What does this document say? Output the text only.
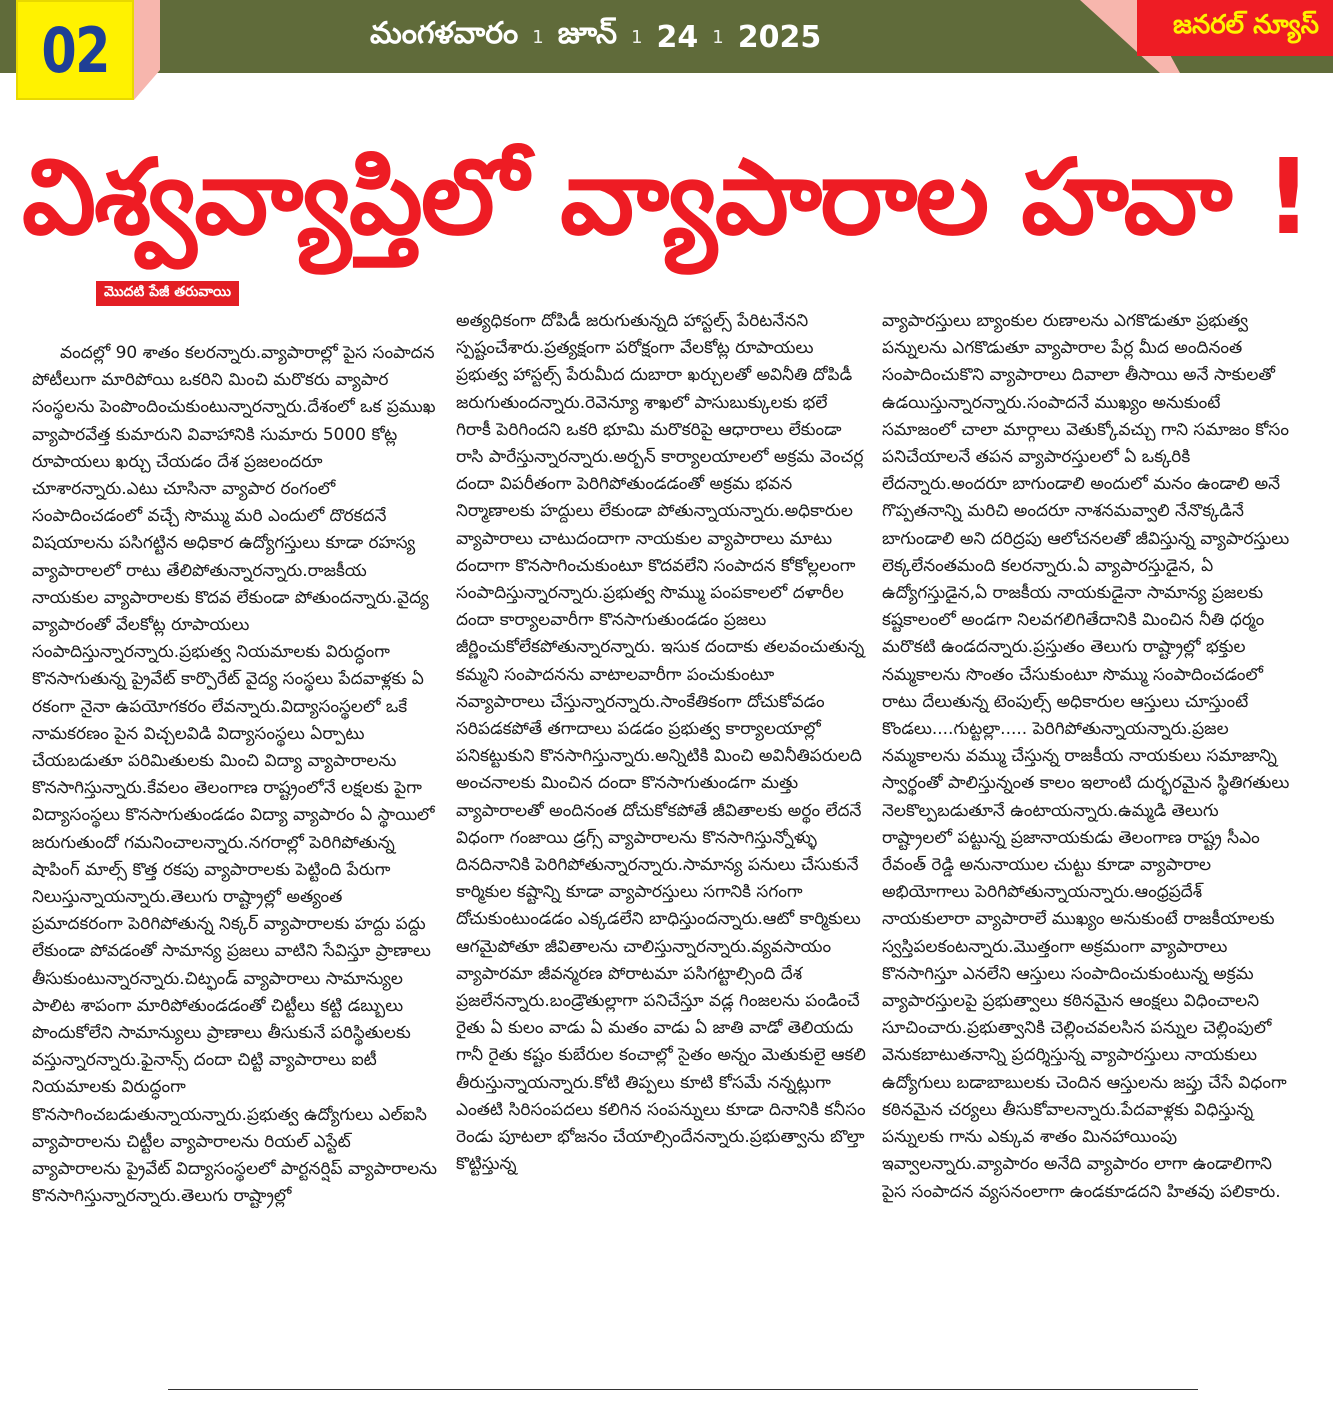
02	మంగళవారం 1 జూన్ 1 24 1 2025	జనరల్ న్యూస్
విశ్వవ్యాప్తిలో వ్యాపారాల హవా !
మొదటి పేజీ తరువాయి
వందల్లో 90 శాతం కలరన్నారు.వ్యాపారాల్లో పైస సంపాదన పోటీలుగా మారిపోయి ఒకరిని మించి మరొకరు వ్యాపార సంస్థలను పెంపొందించుకుంటున్నారన్నారు.దేశంలో ఒక ప్రముఖ వ్యాపారవేత్త కుమారుని వివాహానికి సుమారు 5000 కోట్ల రూపాయలు ఖర్చు చేయడం దేశ ప్రజలందరూ చూశారన్నారు.ఎటు చూసినా వ్యాపార రంగంలో సంపాదించడంలో వచ్చే సొమ్ము మరి ఎందులో దొరకదనే విషయాలను పసిగట్టిన అధికార ఉద్యోగస్తులు కూడా రహస్య వ్యాపారాలలో రాటు తేలిపోతున్నారన్నారు.రాజకీయ నాయకుల వ్యాపారాలకు కొదవ లేకుండా పోతుందన్నారు.వైద్య వ్యాపారంతో వేలకోట్ల రూపాయలు సంపాదిస్తున్నారన్నారు.ప్రభుత్వ నియమాలకు విరుద్ధంగా కొనసాగుతున్న ప్రైవేట్ కార్పొరేట్ వైద్య సంస్థలు పేదవాళ్లకు ఏ రకంగా నైనా ఉపయోగకరం లేవన్నారు.విద్యాసంస్థలలో ఒకే నామకరణం పైన విచ్చలవిడి విద్యాసంస్థలు ఏర్పాటు చేయబడుతూ పరిమితులకు మించి విద్యా వ్యాపారాలను కొనసాగిస్తున్నారు.కేవలం తెలంగాణ రాష్ట్రంలోనే లక్షలకు పైగా విద్యాసంస్థలు కొనసాగుతుండడం విద్యా వ్యాపారం ఏ స్థాయిలో జరుగుతుందో గమనించాలన్నారు.నగరాల్లో పెరిగిపోతున్న షాపింగ్ మాల్స్ కొత్త రకపు వ్యాపారాలకు పెట్టింది పేరుగా నిలుస్తున్నాయన్నారు.తెలుగు రాష్ట్రాల్లో అత్యంత ప్రమాదకరంగా పెరిగిపోతున్న నిక్కర్ వ్యాపారాలకు హద్దు పద్దు లేకుండా పోవడంతో సామాన్య ప్రజలు వాటిని సేవిస్తూ ప్రాణాలు తీసుకుంటున్నారన్నారు.చిట్ఫండ్ వ్యాపారాలు సామాన్యుల పాలిట శాపంగా మారిపోతుండడంతో చిట్టీలు కట్టి డబ్బులు పొందుకోలేని సామాన్యులు ప్రాణాలు తీసుకునే పరిస్థితులకు వస్తున్నారన్నారు.ఫైనాన్స్ దందా చిట్టి వ్యాపారాలు ఐటీ నియమాలకు విరుద్ధంగా కొనసాగించబడుతున్నాయన్నారు.ప్రభుత్వ ఉద్యోగులు ఎల్ఐసి వ్యాపారాలను చిట్టీల వ్యాపారాలను రియల్ ఎస్టేట్ వ్యాపారాలను ప్రైవేట్ విద్యాసంస్థలలో పార్టనర్షిప్ వ్యాపారాలను కొనసాగిస్తున్నారన్నారు.తెలుగు రాష్ట్రాల్లో
అత్యధికంగా దోపిడీ జరుగుతున్నది హాస్టల్స్ పేరిటనేనని స్పష్టంచేశారు.ప్రత్యక్షంగా పరోక్షంగా వేలకోట్ల రూపాయలు ప్రభుత్వ హాస్టల్స్ పేరుమీద దుబారా ఖర్చులతో అవినీతి దోపిడీ జరుగుతుందన్నారు.రెవెన్యూ శాఖలో పాసుబుక్కులకు భలే గిరాకీ పెరిగిందని ఒకరి భూమి మరొకరిపై ఆధారాలు లేకుండా రాసి పారేస్తున్నారన్నారు.అర్బన్ కార్యాలయాలలో అక్రమ వెంచర్ల దందా విపరీతంగా పెరిగిపోతుండడంతో అక్రమ భవన నిర్మాణాలకు హద్దులు లేకుండా పోతున్నాయన్నారు.అధికారుల వ్యాపారాలు చాటుదందాగా నాయకుల వ్యాపారాలు మాటు దందాగా కొనసాగించుకుంటూ కొదవలేని సంపాదన కోకోల్లలంగా సంపాదిస్తున్నారన్నారు.ప్రభుత్వ సొమ్ము పంపకాలలో దళారీల దందా కార్యాలవారీగా కొనసాగుతుండడం ప్రజలు జీర్ణించుకోలేకపోతున్నారన్నారు. ఇసుక దందాకు తలవంచుతున్న కమ్మని సంపాదనను వాటాలవారీగా పంచుకుంటూ నవ్యాపారాలు చేస్తున్నారన్నారు.సాంకేతికంగా దోచుకోవడం సరిపడకపోతే తగాదాలు పడడం ప్రభుత్వ కార్యాలయాల్లో పనికట్టుకుని కొనసాగిస్తున్నారు.అన్నిటికి మించి అవినీతిపరులది అంచనాలకు మించిన దందా కొనసాగుతుండగా మత్తు వ్యాపారాలతో అందినంత దోచుకోకపోతే జీవితాలకు అర్థం లేదనే విధంగా గంజాయి డ్రగ్స్ వ్యాపారాలను కొనసాగిస్తున్నోళ్ళు దినదినానికి పెరిగిపోతున్నారన్నారు.సామాన్య పనులు చేసుకునే కార్మికుల కష్టాన్ని కూడా వ్యాపారస్తులు సగానికి సగంగా దోచుకుంటుండడం ఎక్కడలేని బాధిస్తుందన్నారు.ఆటో కార్మికులు ఆగమైపోతూ జీవితాలను చాలిస్తున్నారన్నారు.వ్యవసాయం వ్యాపారమా జీవన్మరణ పోరాటమా పసిగట్టాల్సింది దేశ ప్రజలేనన్నారు.బండ్రౌతుల్లాగా పనిచేస్తూ వడ్ల గింజలను పండించే రైతు ఏ కులం వాడు ఏ మతం వాడు ఏ జాతి వాడో తెలియదు గానీ రైతు కష్టం కుబేరుల కంచాల్లో సైతం అన్నం మెతుకులై ఆకలి తీరుస్తున్నాయన్నారు.కోటి తిప్పలు కూటి కోసమే నన్నట్లుగా ఎంతటి సిరిసంపదలు కలిగిన సంపన్నులు కూడా దినానికి కనీసం రెండు పూటలా భోజనం చేయాల్సిందేనన్నారు.ప్రభుత్వాను బొల్తా కొట్టిస్తున్న
వ్యాపారస్తులు బ్యాంకుల రుణాలను ఎగకొడుతూ ప్రభుత్వ పన్నులను ఎగకొడుతూ వ్యాపారాల పేర్ల మీద అందినంత సంపాదించుకొని వ్యాపారాలు దివాలా తీసాయి అనే సాకులతో ఉడయిస్తున్నారన్నారు.సంపాదనే ముఖ్యం అనుకుంటే సమాజంలో చాలా మార్గాలు వెతుక్కోవచ్చు గాని సమాజం కోసం పనిచేయాలనే తపన వ్యాపారస్తులలో ఏ ఒక్కరికి లేదన్నారు.అందరూ బాగుండాలి అందులో మనం ఉండాలి అనే గొప్పతనాన్ని మరిచి అందరూ నాశనమవ్వాలి నేనొక్కడినే బాగుండాలి అని దరిద్రపు ఆలోచనలతో జీవిస్తున్న వ్యాపారస్తులు లెక్కలేనంతమంది కలరన్నారు.ఏ వ్యాపారస్తుడైన, ఏ ఉద్యోగస్తుడైన,ఏ రాజకీయ నాయకుడైనా సామాన్య ప్రజలకు కష్టకాలంలో అండగా నిలవగలిగితేదానికి మించిన నీతి ధర్మం మరొకటి ఉండదన్నారు.ప్రస్తుతం తెలుగు రాష్ట్రాల్లో భక్తుల నమ్మకాలను సొంతం చేసుకుంటూ సొమ్ము సంపాదించడంలో రాటు దేలుతున్న టెంపుల్స్ అధికారుల ఆస్తులు చూస్తుంటే కొండలు....గుట్టల్లా..... పెరిగిపోతున్నాయన్నారు.ప్రజల నమ్మకాలను వమ్ము చేస్తున్న రాజకీయ నాయకులు సమాజాన్ని స్వార్థంతో పాలిస్తున్నంత కాలం ఇలాంటి దుర్భరమైన స్థితిగతులు నెలకొల్పబడుతూనే ఉంటాయన్నారు.ఉమ్మడి తెలుగు రాష్ట్రాలలో పట్టున్న ప్రజానాయకుడు తెలంగాణ రాష్ట్ర సీఎం రేవంత్ రెడ్డి అనునాయుల చుట్టు కూడా వ్యాపారాల అభియోగాలు పెరిగిపోతున్నాయన్నారు.ఆంధ్రప్రదేశ్ నాయకులారా వ్యాపారాలే ముఖ్యం అనుకుంటే రాజకీయాలకు స్వస్తిపలకంటన్నారు.మొత్తంగా అక్రమంగా వ్యాపారాలు కొనసాగిస్తూ ఎనలేని ఆస్తులు సంపాదించుకుంటున్న అక్రమ వ్యాపారస్తులపై ప్రభుత్వాలు కఠినమైన ఆంక్షలు విధించాలని సూచించారు.ప్రభుత్వానికి చెల్లించవలసిన పన్నుల చెల్లింపులో వెనుకబాటుతనాన్ని ప్రదర్శిస్తున్న వ్యాపారస్తులు నాయకులు ఉద్యోగులు బడాబాబులకు చెందిన ఆస్తులను జప్తు చేసే విధంగా కఠినమైన చర్యలు తీసుకోవాలన్నారు.పేదవాళ్లకు విధిస్తున్న పన్నులకు గాను ఎక్కువ శాతం మినహాయింపు ఇవ్వాలన్నారు.వ్యాపారం అనేది వ్యాపారం లాగా ఉండాలిగాని పైస సంపాదన వ్యసనంలాగా ఉండకూడదని హితవు పలికారు.
